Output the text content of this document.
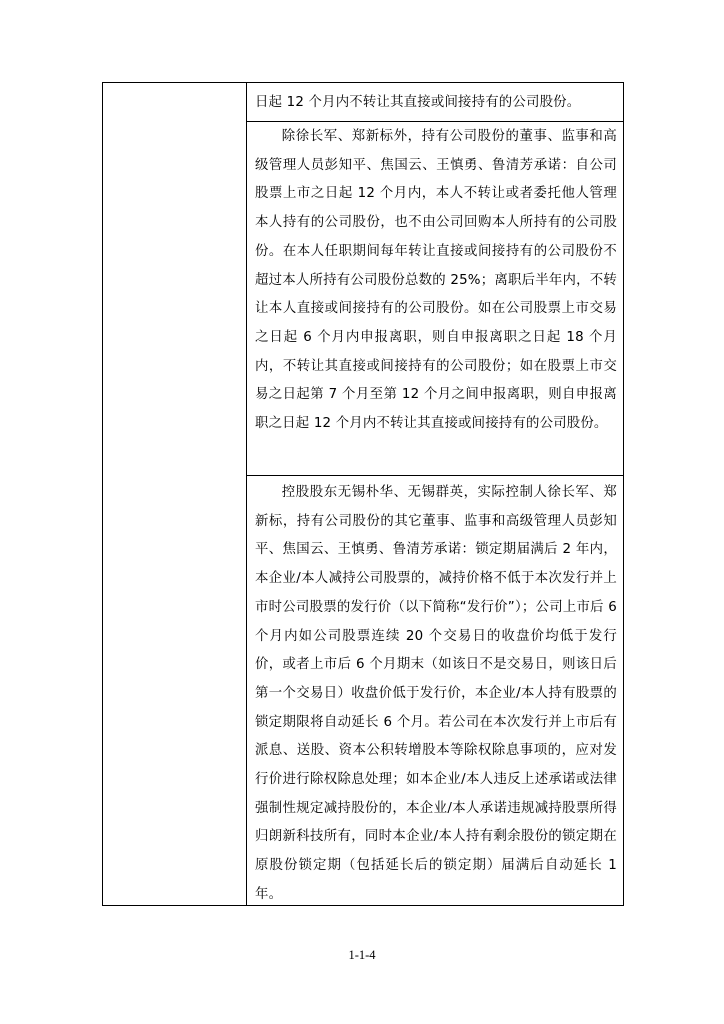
日起 12 个月内不转让其直接或间接持有的公司股份。
除徐长军、郑新标外，持有公司股份的董事、监事和高级管理人员彭知平、焦国云、王慎勇、鲁清芳承诺：自公司股票上市之日起 12 个月内，本人不转让或者委托他人管理本人持有的公司股份，也不由公司回购本人所持有的公司股份。在本人任职期间每年转让直接或间接持有的公司股份不超过本人所持有公司股份总数的 25%；离职后半年内，不转让本人直接或间接持有的公司股份。如在公司股票上市交易之日起 6 个月内申报离职，则自申报离职之日起 18 个月内，不转让其直接或间接持有的公司股份；如在股票上市交易之日起第 7 个月至第 12 个月之间申报离职，则自申报离职之日起 12 个月内不转让其直接或间接持有的公司股份。
控股股东无锡朴华、无锡群英，实际控制人徐长军、郑新标，持有公司股份的其它董事、监事和高级管理人员彭知平、焦国云、王慎勇、鲁清芳承诺：锁定期届满后 2 年内，本企业/本人减持公司股票的，减持价格不低于本次发行并上市时公司股票的发行价（以下简称“发行价”）；公司上市后 6 个月内如公司股票连续 20 个交易日的收盘价均低于发行价，或者上市后 6 个月期末（如该日不是交易日，则该日后第一个交易日）收盘价低于发行价，本企业/本人持有股票的锁定期限将自动延长 6 个月。若公司在本次发行并上市后有派息、送股、资本公积转增股本等除权除息事项的，应对发行价进行除权除息处理；如本企业/本人违反上述承诺或法律强制性规定减持股份的，本企业/本人承诺违规减持股票所得归朗新科技所有，同时本企业/本人持有剩余股份的锁定期在原股份锁定期（包括延长后的锁定期）届满后自动延长 1 年。
1-1-4
